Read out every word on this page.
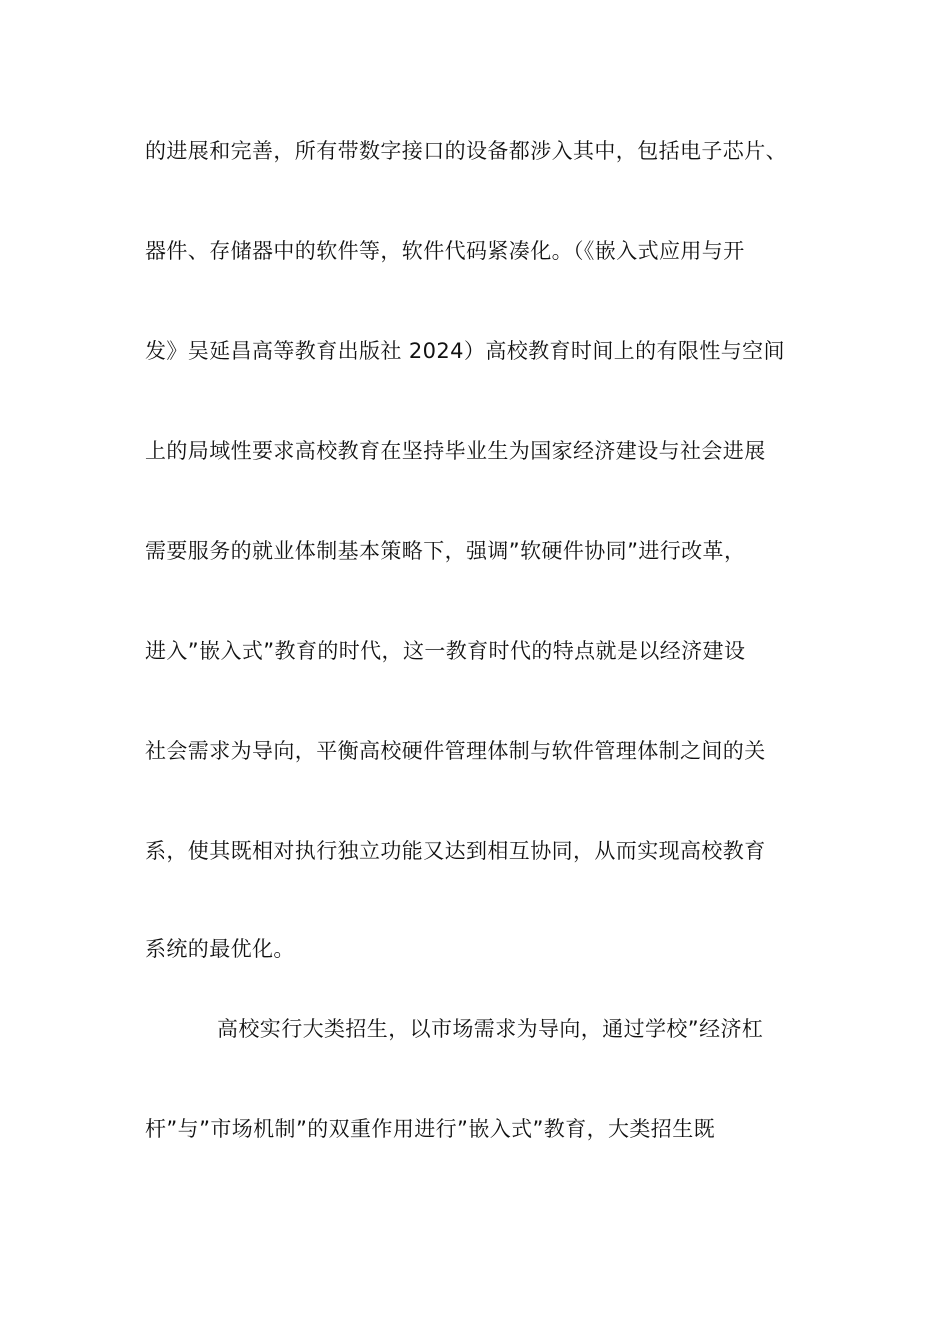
的进展和完善，所有带数字接口的设备都涉入其中，包括电子芯片、
器件、存储器中的软件等，软件代码紧凑化。（《嵌入式应用与开
发》吴延昌高等教育出版社 2024）高校教育时间上的有限性与空间
上的局域性要求高校教育在坚持毕业生为国家经济建设与社会进展
需要服务的就业体制基本策略下，强调”软硬件协同”进行改革，
进入”嵌入式”教育的时代，这一教育时代的特点就是以经济建设
社会需求为导向，平衡高校硬件管理体制与软件管理体制之间的关
系，使其既相对执行独立功能又达到相互协同，从而实现高校教育
系统的最优化。
高校实行大类招生，以市场需求为导向，通过学校”经济杠
杆”与”市场机制”的双重作用进行”嵌入式”教育，大类招生既
